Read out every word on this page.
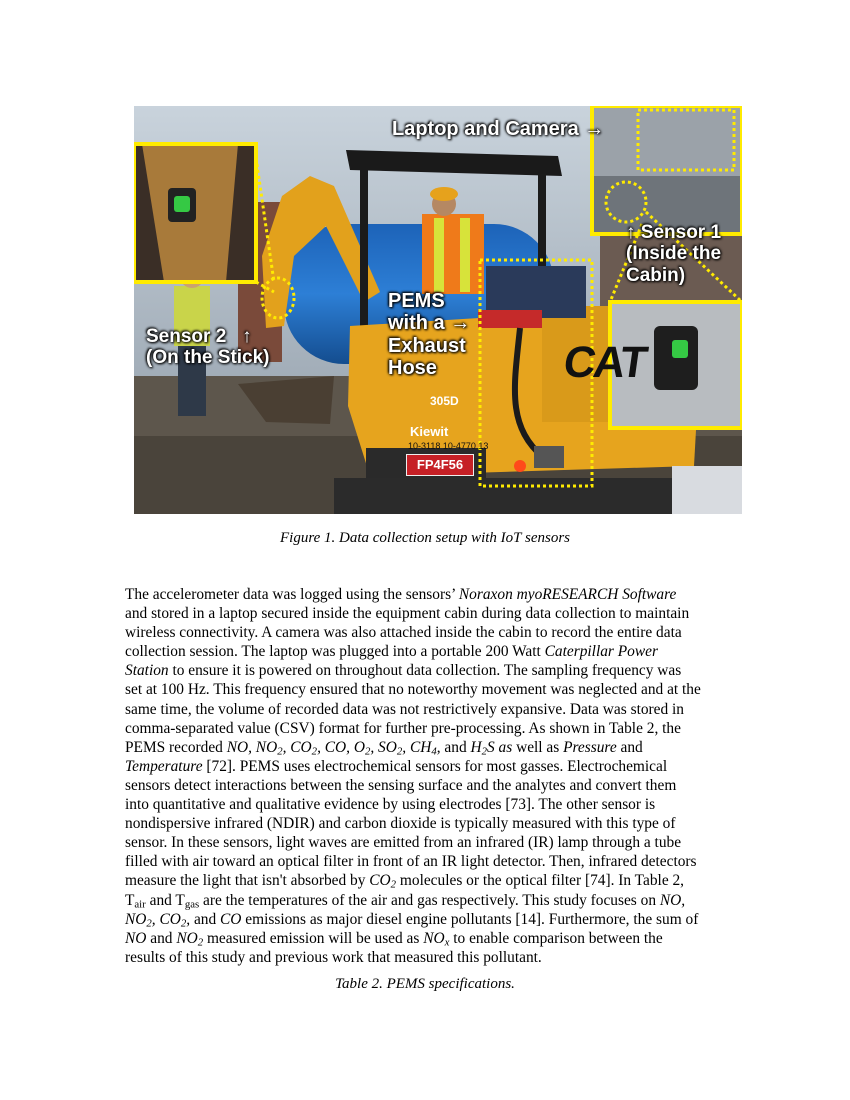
CAT
305D
Kiewit
10-3118 10-4770 13
FP4F56
Laptop and Camera →
↑ Sensor 1
(Inside the
Cabin)
Sensor 2   ↑
(On the Stick)
PEMS
with a →
Exhaust
Hose
Figure 1. Data collection setup with IoT sensors
The accelerometer data was logged using the sensors’ Noraxon myoRESEARCH Software
and stored in a laptop secured inside the equipment cabin during data collection to maintain
wireless connectivity. A camera was also attached inside the cabin to record the entire data
collection session. The laptop was plugged into a portable 200 Watt Caterpillar Power
Station to ensure it is powered on throughout data collection. The sampling frequency was
set at 100 Hz. This frequency ensured that no noteworthy movement was neglected and at the
same time, the volume of recorded data was not restrictively expansive. Data was stored in
comma-separated value (CSV) format for further pre-processing. As shown in Table 2, the
PEMS recorded NO, $NO_2$, $CO_2$, CO, $O_2$, $SO_2$, $CH_4$, and $H_2S$ as well as Pressure and
Temperature [72]. PEMS uses electrochemical sensors for most gasses. Electrochemical
sensors detect interactions between the sensing surface and the analytes and convert them
into quantitative and qualitative evidence by using electrodes [73]. The other sensor is
nondispersive infrared (NDIR) and carbon dioxide is typically measured with this type of
sensor. In these sensors, light waves are emitted from an infrared (IR) lamp through a tube
filled with air toward an optical filter in front of an IR light detector. Then, infrared detectors
measure the light that isn't absorbed by $CO_2$ molecules or the optical filter [74]. In Table 2,
$T_{air}$ and $T_{gas}$ are the temperatures of the air and gas respectively. This study focuses on NO,
$NO_2$, $CO_2$, and CO emissions as major diesel engine pollutants [14]. Furthermore, the sum of
NO and $NO_2$ measured emission will be used as $NO_x$ to enable comparison between the
results of this study and previous work that measured this pollutant.
Table 2. PEMS specifications.
